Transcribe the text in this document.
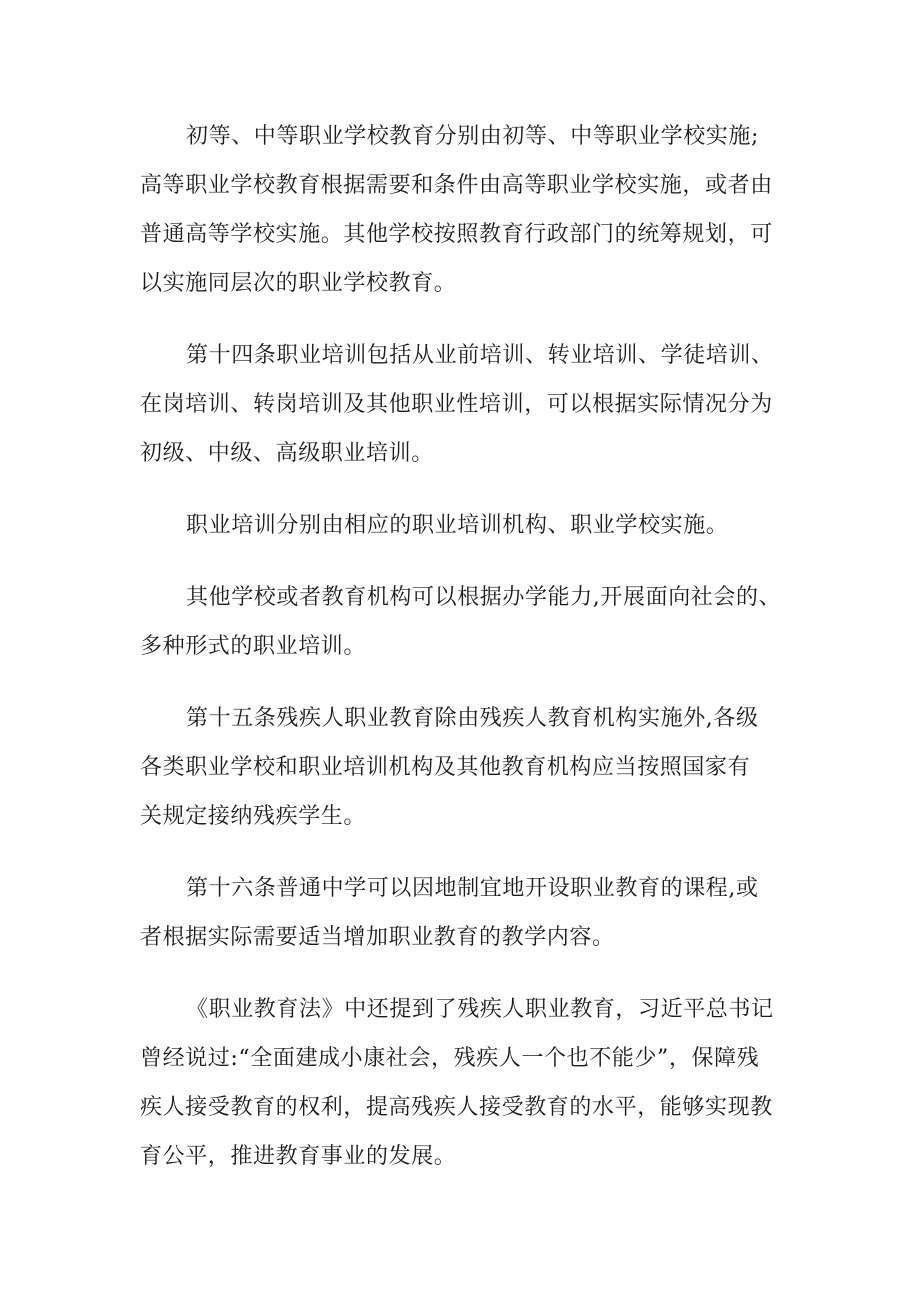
初等、中等职业学校教育分别由初等、中等职业学校实施;
高等职业学校教育根据需要和条件由高等职业学校实施，或者由
普通高等学校实施。其他学校按照教育行政部门的统筹规划，可
以实施同层次的职业学校教育。

第十四条职业培训包括从业前培训、转业培训、学徒培训、
在岗培训、转岗培训及其他职业性培训，可以根据实际情况分为
初级、中级、高级职业培训。

职业培训分别由相应的职业培训机构、职业学校实施。

其他学校或者教育机构可以根据办学能力,开展面向社会的、
多种形式的职业培训。

第十五条残疾人职业教育除由残疾人教育机构实施外,各级
各类职业学校和职业培训机构及其他教育机构应当按照国家有
关规定接纳残疾学生。

第十六条普通中学可以因地制宜地开设职业教育的课程,或
者根据实际需要适当增加职业教育的教学内容。

《职业教育法》中还提到了残疾人职业教育，习近平总书记
曾经说过:“全面建成小康社会，残疾人一个也不能少”，保障残
疾人接受教育的权利，提高残疾人接受教育的水平，能够实现教
育公平，推进教育事业的发展。
